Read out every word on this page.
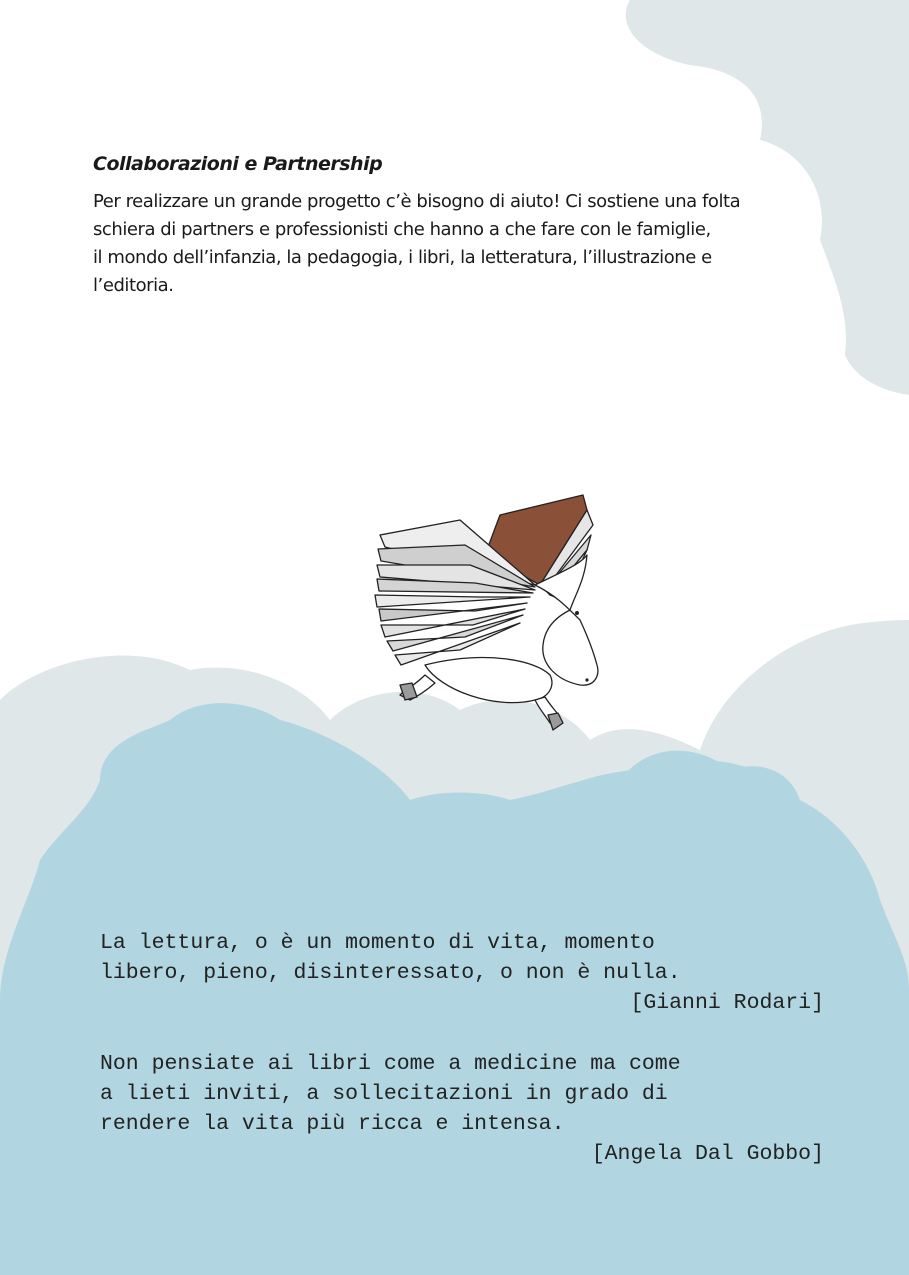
Collaborazioni e Partnership

Per realizzare un grande progetto c’è bisogno di aiuto! Ci sostiene una folta
schiera di partners e professionisti che hanno a che fare con le famiglie,
il mondo dell’infanzia, la pedagogia, i libri, la letteratura, l’illustrazione e
l’editoria.

La lettura, o è un momento di vita, momento
libero, pieno, disinteressato, o non è nulla.
[Gianni Rodari]
Non pensiate ai libri come a medicine ma come
a lieti inviti, a sollecitazioni in grado di
rendere la vita più ricca e intensa.
[Angela Dal Gobbo]
